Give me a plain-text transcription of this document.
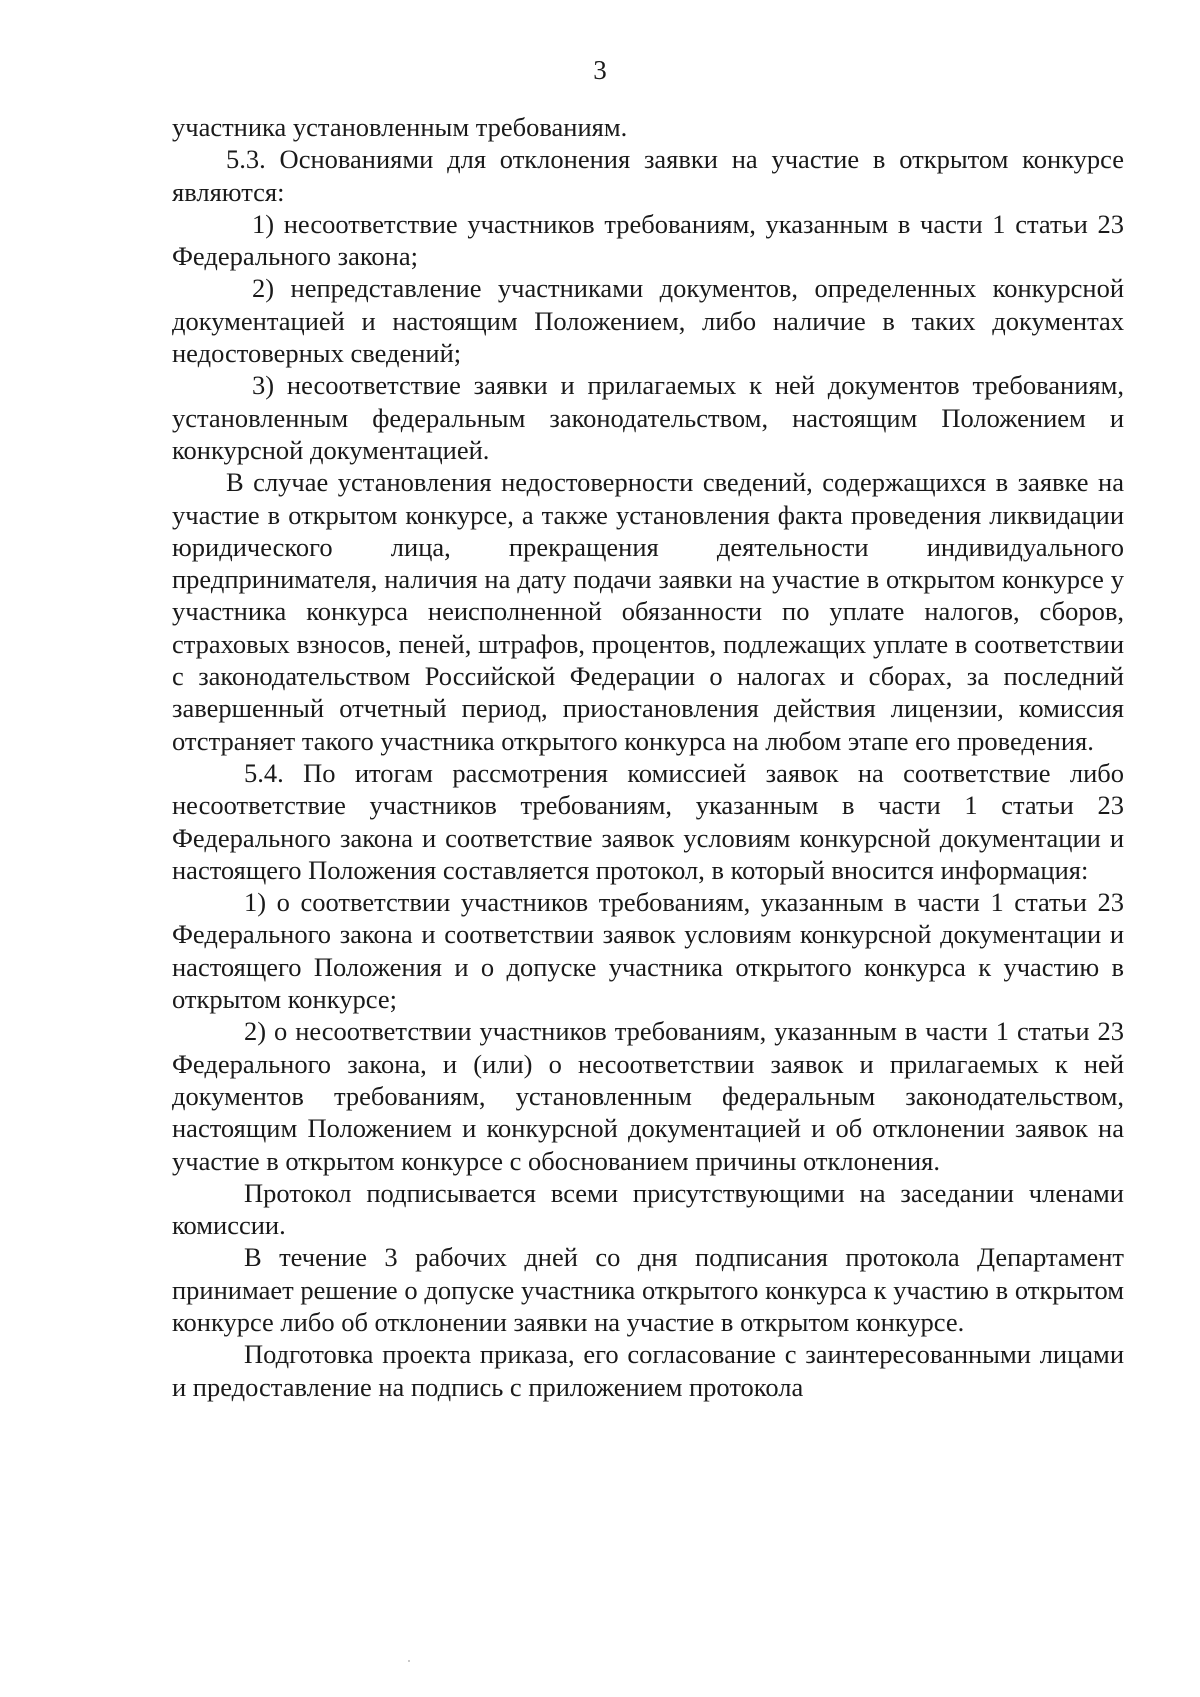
3

участника установленным требованиям.

5.3. Основаниями для отклонения заявки на участие в открытом конкурсе являются:

1) несоответствие участников требованиям, указанным в части 1 статьи 23 Федерального закона;

2) непредставление участниками документов, определенных конкурсной документацией и настоящим Положением, либо наличие в таких документах недостоверных сведений;

3) несоответствие заявки и прилагаемых к ней документов требованиям, установленным федеральным законодательством, настоящим Положением и конкурсной документацией.

В случае установления недостоверности сведений, содержащихся в заявке на участие в открытом конкурсе, а также установления факта проведения ликвидации юридического лица, прекращения деятельности индивидуального предпринимателя, наличия на дату подачи заявки на участие в открытом конкурсе у участника конкурса неисполненной обязанности по уплате налогов, сборов, страховых взносов, пеней, штрафов, процентов, подлежащих уплате в соответствии с законодательством Российской Федерации о налогах и сборах, за последний завершенный отчетный период, приостановления действия лицензии, комиссия отстраняет такого участника открытого конкурса на любом этапе его проведения.

5.4. По итогам рассмотрения комиссией заявок на соответствие либо несоответствие участников требованиям, указанным в части 1 статьи 23 Федерального закона и соответствие заявок условиям конкурсной документации и настоящего Положения составляется протокол, в который вносится информация:

1) о соответствии участников требованиям, указанным в части 1 статьи 23 Федерального закона и соответствии заявок условиям конкурсной документации и настоящего Положения и о допуске участника открытого конкурса к участию в открытом конкурсе;

2) о несоответствии участников требованиям, указанным в части 1 статьи 23 Федерального закона, и (или) о несоответствии заявок и прилагаемых к ней документов требованиям, установленным федеральным законодательством, настоящим Положением и конкурсной документацией и об отклонении заявок на участие в открытом конкурсе с обоснованием причины отклонения.

Протокол подписывается всеми присутствующими на заседании членами комиссии.

В течение 3 рабочих дней со дня подписания протокола Департамент принимает решение о допуске участника открытого конкурса к участию в открытом конкурсе либо об отклонении заявки на участие в открытом конкурсе.

Подготовка проекта приказа, его согласование с заинтересованными лицами и предоставление на подпись с приложением протокола
